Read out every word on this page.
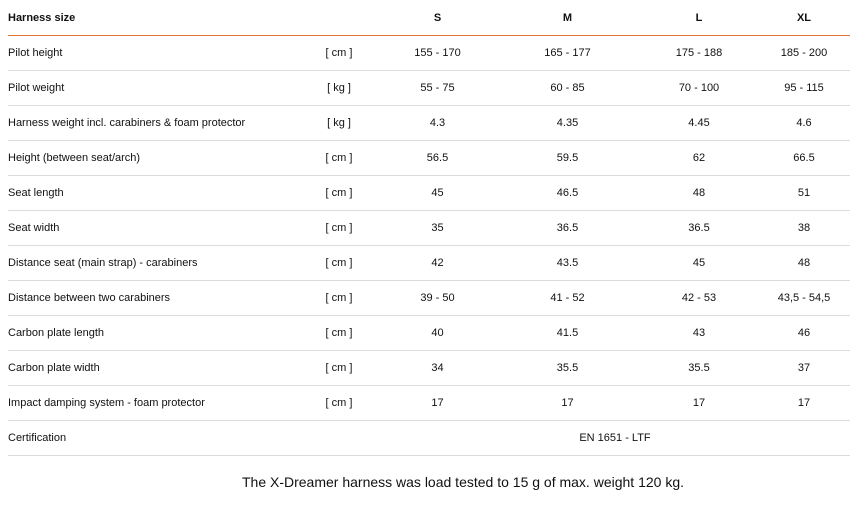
Harness size		S	M	L	XL
Pilot height	[ cm ]	155 - 170	165 - 177	175 - 188	185 - 200
Pilot weight	[ kg ]	55 - 75	60 - 85	70 - 100	95 - 115
Harness weight incl. carabiners & foam protector	[ kg ]	4.3	4.35	4.45	4.6
Height (between seat/arch)	[ cm ]	56.5	59.5	62	66.5
Seat length	[ cm ]	45	46.5	48	51
Seat width	[ cm ]	35	36.5	36.5	38
Distance seat (main strap) - carabiners	[ cm ]	42	43.5	45	48
Distance between two carabiners	[ cm ]	39 - 50	41 - 52	42 - 53	43,5 - 54,5
Carbon plate length	[ cm ]	40	41.5	43	46
Carbon plate width	[ cm ]	34	35.5	35.5	37
Impact damping system - foam protector	[ cm ]	17	17	17	17
Certification		EN 1651 - LTF			
The X-Dreamer harness was load tested to 15 g of max. weight 120 kg.
